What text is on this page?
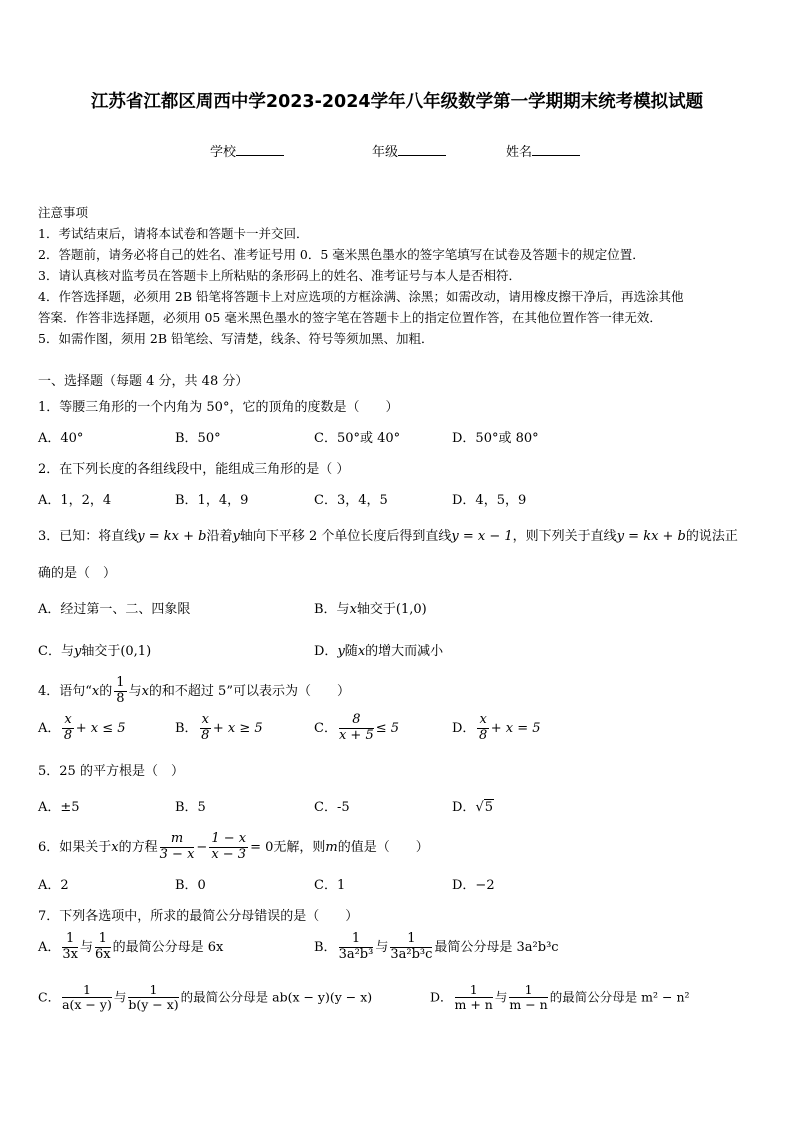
江苏省江都区周西中学2023-2024学年八年级数学第一学期期末统考模拟试题
学校	年级	姓名
注意事项
1．考试结束后，请将本试卷和答题卡一并交回．
2．答题前，请务必将自己的姓名、准考证号用 0．5 毫米黑色墨水的签字笔填写在试卷及答题卡的规定位置．
3．请认真核对监考员在答题卡上所粘贴的条形码上的姓名、准考证号与本人是否相符．
4．作答选择题，必须用 2B 铅笔将答题卡上对应选项的方框涂满、涂黑；如需改动，请用橡皮擦干净后，再选涂其他
答案．作答非选择题，必须用 05 毫米黑色墨水的签字笔在答题卡上的指定位置作答，在其他位置作答一律无效．
5．如需作图，须用 2B 铅笔绘、写清楚，线条、符号等须加黑、加粗．
一、选择题（每题 4 分，共 48 分）
1．等腰三角形的一个内角为 50°，它的顶角的度数是（　　）
A．40°	B．50°	C．50°或 40°	D．50°或 80°
2．在下列长度的各组线段中，能组成三角形的是（ ）
A．1，2，4	B．1，4，9	C．3，4，5	D．4，5，9
3．已知：将直线y = kx + b沿着y轴向下平移 2 个单位长度后得到直线y = x − 1，则下列关于直线y = kx + b的说法正
确的是（　）
A．经过第一、二、四象限	B．与x轴交于(1,0)
C．与y轴交于(0,1)	D．y随x的增大而减小
4．语句“x的 $\frac{1}{8}$ 与x的和不超过 5”可以表示为（　　）
A． $\frac{x}{8} + x \le 5$	B． $\frac{x}{8} + x \ge 5$	C． $\frac{8}{x + 5} \le 5$	D． $\frac{x}{8} + x = 5$
5．25 的平方根是（　）
A．±5	B．5	C．-5	D．√5
6．如果关于x的方程 $\frac{m}{3 - x} - \frac{1 - x}{x - 3} = 0$无解，则m的值是（　　）
A．2	B．0	C．1	D．−2
7．下列各选项中，所求的最简公分母错误的是（　　）
A． $\frac{1}{3x}$ 与 $\frac{1}{6x}$ 的最简公分母是 6x	B． $\frac{1}{\text{3a²b³}}$ 与 $\frac{1}{\text{3a²b³c}}$ 最简公分母是 3a²b³c
C． $\frac{1}{a(x - y)}$ 与 $\frac{1}{b(y - x)}$ 的最简公分母是 ab(x − y)(y − x)	D． $\frac{1}{m + n}$ 与 $\frac{1}{m - n}$ 的最简公分母是 m² − n²
